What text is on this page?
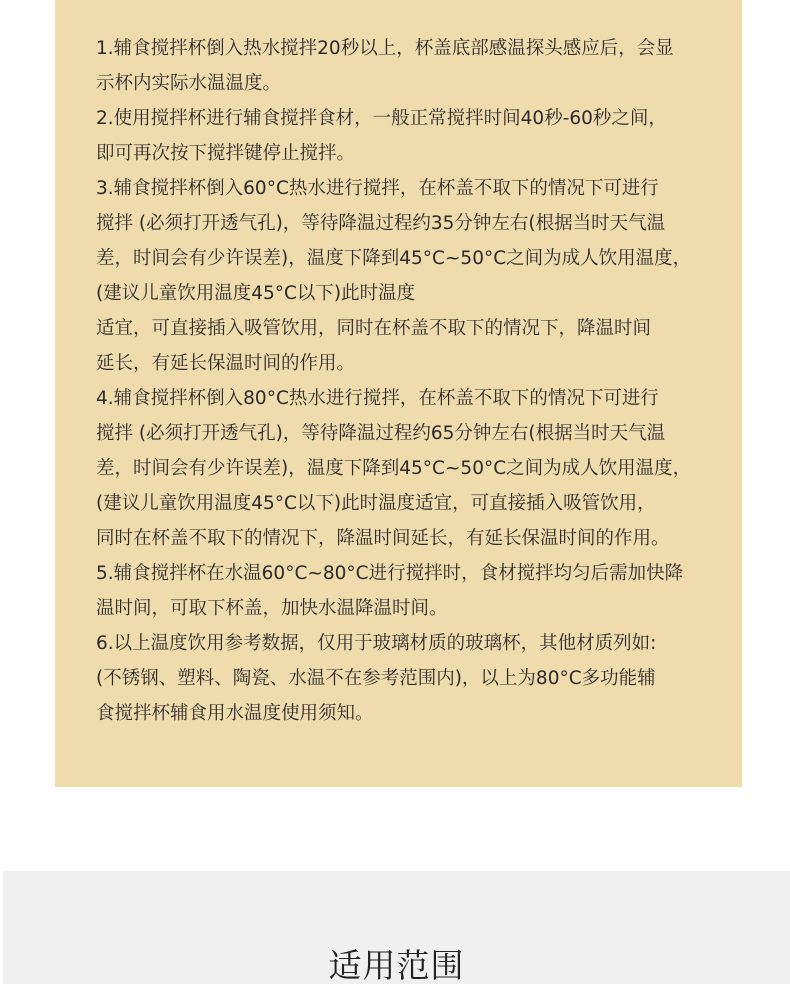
1.辅食搅拌杯倒入热水搅拌20秒以上，杯盖底部感温探头感应后，会显
示杯内实际水温温度。
2.使用搅拌杯进行辅食搅拌食材，一般正常搅拌时间40秒-60秒之间，
即可再次按下搅拌键停止搅拌。
3.辅食搅拌杯倒入60°C热水进行搅拌，在杯盖不取下的情况下可进行
搅拌 (必须打开透气孔)，等待降温过程约35分钟左右(根据当时天气温
差，时间会有少许误差)，温度下降到45°C~50°C之间为成人饮用温度，
(建议儿童饮用温度45°C以下)此时温度
适宜，可直接插入吸管饮用，同时在杯盖不取下的情况下，降温时间
延长，有延长保温时间的作用。
4.辅食搅拌杯倒入80°C热水进行搅拌，在杯盖不取下的情况下可进行
搅拌 (必须打开透气孔)，等待降温过程约65分钟左右(根据当时天气温
差，时间会有少许误差)，温度下降到45°C~50°C之间为成人饮用温度，
(建议儿童饮用温度45°C以下)此时温度适宜，可直接插入吸管饮用，
同时在杯盖不取下的情况下，降温时间延长，有延长保温时间的作用。
5.辅食搅拌杯在水温60°C~80°C进行搅拌时，食材搅拌均匀后需加快降
温时间，可取下杯盖，加快水温降温时间。
6.以上温度饮用参考数据，仅用于玻璃材质的玻璃杯，其他材质列如:
(不锈钢、塑料、陶瓷、水温不在参考范围内)，以上为80°C多功能辅
食搅拌杯辅食用水温度使用须知。
适用范围
